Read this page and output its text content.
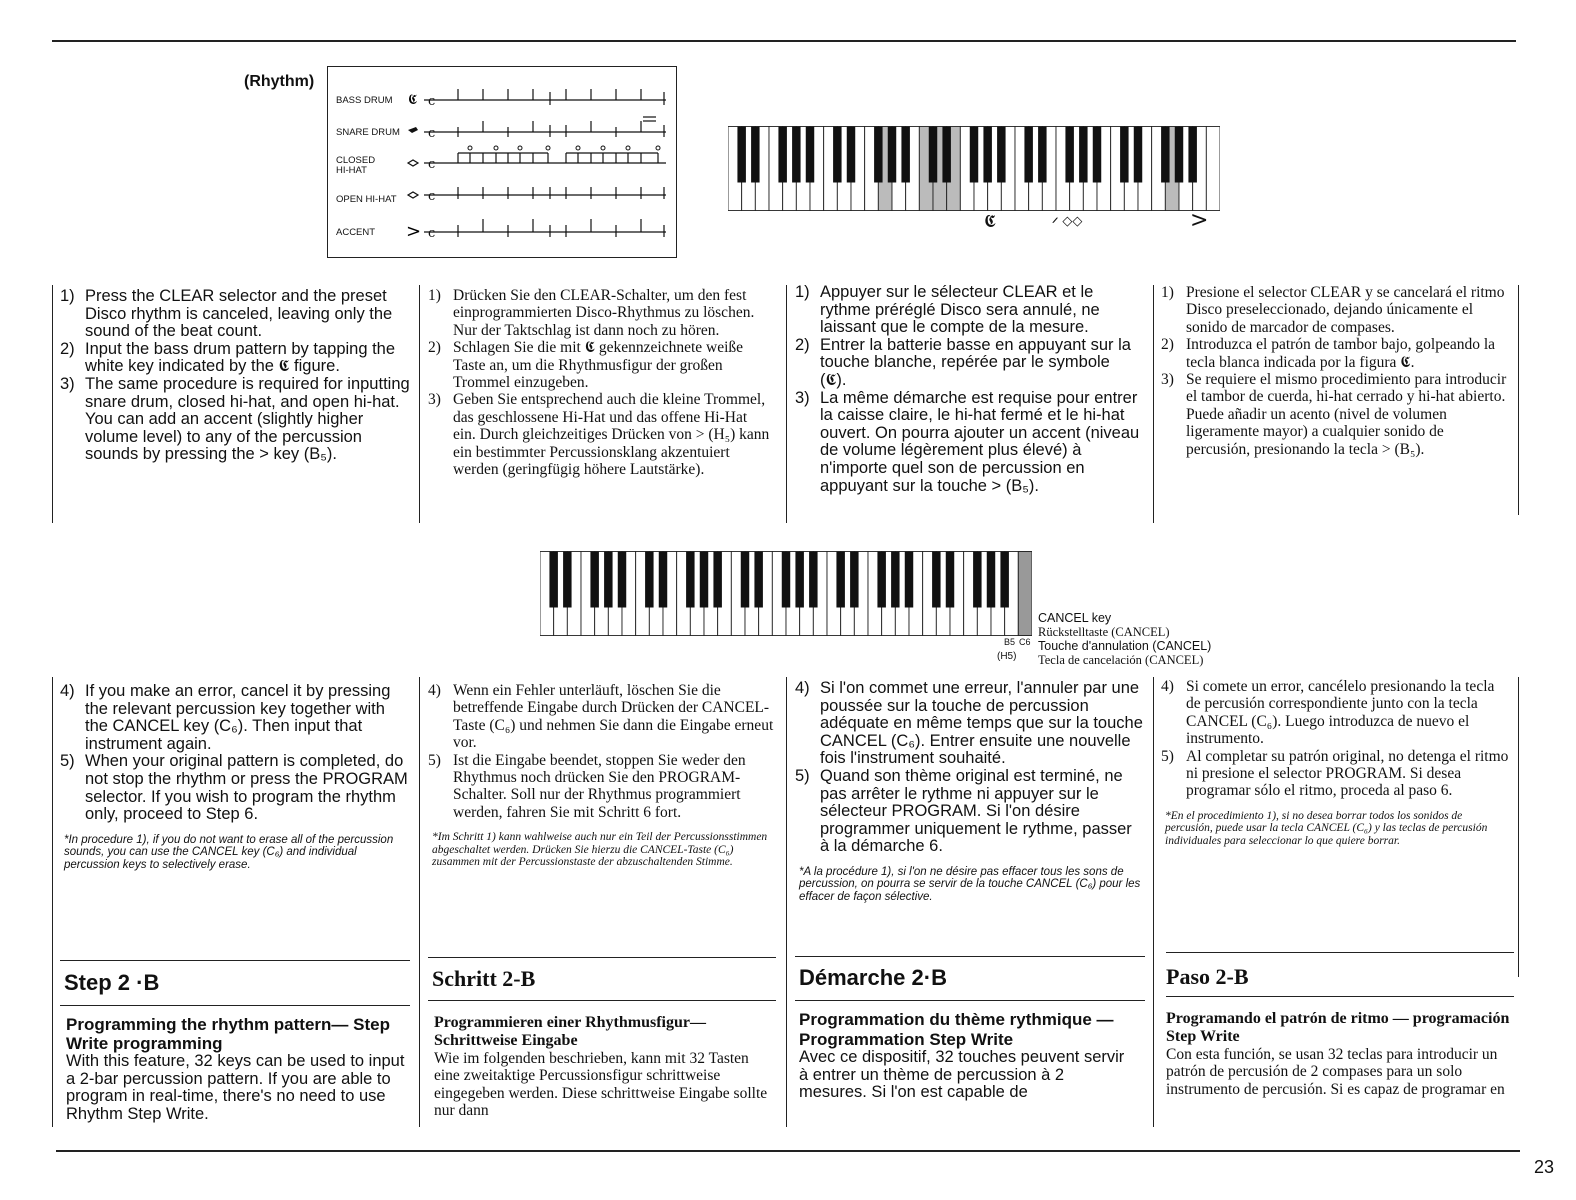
(Rhythm)
BASS DRUM
SNARE DRUM
CLOSED
HI-HAT
OPEN HI-HAT
ACCENT
𝕮
>
c
c
c
c
c
𝕮	𝄍 ◇◇	>
1) Press the CLEAR selector and the preset Disco rhythm is canceled, leaving only the sound of the beat count.
2) Input the bass drum pattern by tapping the white key indicated by the 𝕮 figure.
3) The same procedure is required for inputting snare drum, closed hi-hat, and open hi-hat. You can add an accent (slightly higher volume level) to any of the percussion sounds by pressing the > key (B₅).
1) Drücken Sie den CLEAR-Schalter, um den fest einprogrammierten Disco-Rhythmus zu löschen. Nur der Taktschlag ist dann noch zu hören.
2) Schlagen Sie die mit 𝕮 gekennzeichnete weiße Taste an, um die Rhythmusfigur der großen Trommel einzugeben.
3) Geben Sie entsprechend auch die kleine Trommel, das geschlossene Hi-Hat und das offene Hi-Hat ein. Durch gleichzeitiges Drücken von > (H₅) kann ein bestimmter Percussionsklang akzentuiert werden (geringfügig höhere Lautstärke).
1) Appuyer sur le sélecteur CLEAR et le rythme préréglé Disco sera annulé, ne laissant que le compte de la mesure.
2) Entrer la batterie basse en appuyant sur la touche blanche, repérée par le symbole (𝕮).
3) La même démarche est requise pour entrer la caisse claire, le hi-hat fermé et le hi-hat ouvert. On pourra ajouter un accent (niveau de volume légèrement plus élevé) à n'importe quel son de percussion en appuyant sur la touche > (B₅).
1) Presione el selector CLEAR y se cancelará el ritmo Disco preseleccionado, dejando únicamente el sonido de marcador de compases.
2) Introduzca el patrón de tambor bajo, golpeando la tecla blanca indicada por la figura 𝕮.
3) Se requiere el mismo procedimiento para introducir el tambor de cuerda, hi-hat cerrado y hi-hat abierto. Puede añadir un acento (nivel de volumen ligeramente mayor) a cualquier sonido de percusión, presionando la tecla > (B₅).
B5 C6
(H5)
CANCEL key
Rückstelltaste (CANCEL)
Touche d'annulation (CANCEL)
Tecla de cancelación (CANCEL)
4) If you make an error, cancel it by pressing the relevant percussion key together with the CANCEL key (C₆). Then input that instrument again.
5) When your original pattern is completed, do not stop the rhythm or press the PROGRAM selector. If you wish to program the rhythm only, proceed to Step 6.
*In procedure 1), if you do not want to erase all of the percussion sounds, you can use the CANCEL key (C₆) and individual percussion keys to selectively erase.
4) Wenn ein Fehler unterläuft, löschen Sie die betreffende Eingabe durch Drücken der CANCEL-Taste (C₆) und nehmen Sie dann die Eingabe erneut vor.
5) Ist die Eingabe beendet, stoppen Sie weder den Rhythmus noch drücken Sie den PROGRAM-Schalter. Soll nur der Rhythmus programmiert werden, fahren Sie mit Schritt 6 fort.
*Im Schritt 1) kann wahlweise auch nur ein Teil der Percussionsstimmen abgeschaltet werden. Drücken Sie hierzu die CANCEL-Taste (C₆) zusammen mit der Percussionstaste der abzuschaltenden Stimme.
4) Si l'on commet une erreur, l'annuler par une poussée sur la touche de percussion adéquate en même temps que sur la touche CANCEL (C₆). Entrer ensuite une nouvelle fois l'instrument souhaité.
5) Quand son thème original est terminé, ne pas arrêter le rythme ni appuyer sur le sélecteur PROGRAM. Si l'on désire programmer uniquement le rythme, passer à la démarche 6.
*A la procédure 1), si l'on ne désire pas effacer tous les sons de percussion, on pourra se servir de la touche CANCEL (C₆) pour les effacer de façon sélective.
4) Si comete un error, cancélelo presionando la tecla de percusión correspondiente junto con la tecla CANCEL (C₆). Luego introduzca de nuevo el instrumento.
5) Al completar su patrón original, no detenga el ritmo ni presione el selector PROGRAM. Si desea programar sólo el ritmo, proceda al paso 6.
*En el procedimiento 1), si no desea borrar todos los sonidos de percusión, puede usar la tecla CANCEL (C₆) y las teclas de percusión individuales para seleccionar lo que quiere borrar.
Step 2 ·B	Schritt 2-B	Démarche 2·B	Paso 2-B
Programming the rhythm pattern— Step Write programming
With this feature, 32 keys can be used to input a 2-bar percussion pattern. If you are able to program in real-time, there's no need to use Rhythm Step Write.
Programmieren einer Rhythmusfigur— Schrittweise Eingabe
Wie im folgenden beschrieben, kann mit 32 Tasten eine zweitaktige Percussionsfigur schrittweise eingegeben werden. Diese schrittweise Eingabe sollte nur dann
Programmation du thème rythmique — Programmation Step Write
Avec ce dispositif, 32 touches peuvent servir à entrer un thème de percussion à 2 mesures. Si l'on est capable de
Programando el patrón de ritmo — programación Step Write
Con esta función, se usan 32 teclas para introducir un patrón de percusión de 2 compases para un solo instrumento de percusión. Si es capaz de programar en
23
